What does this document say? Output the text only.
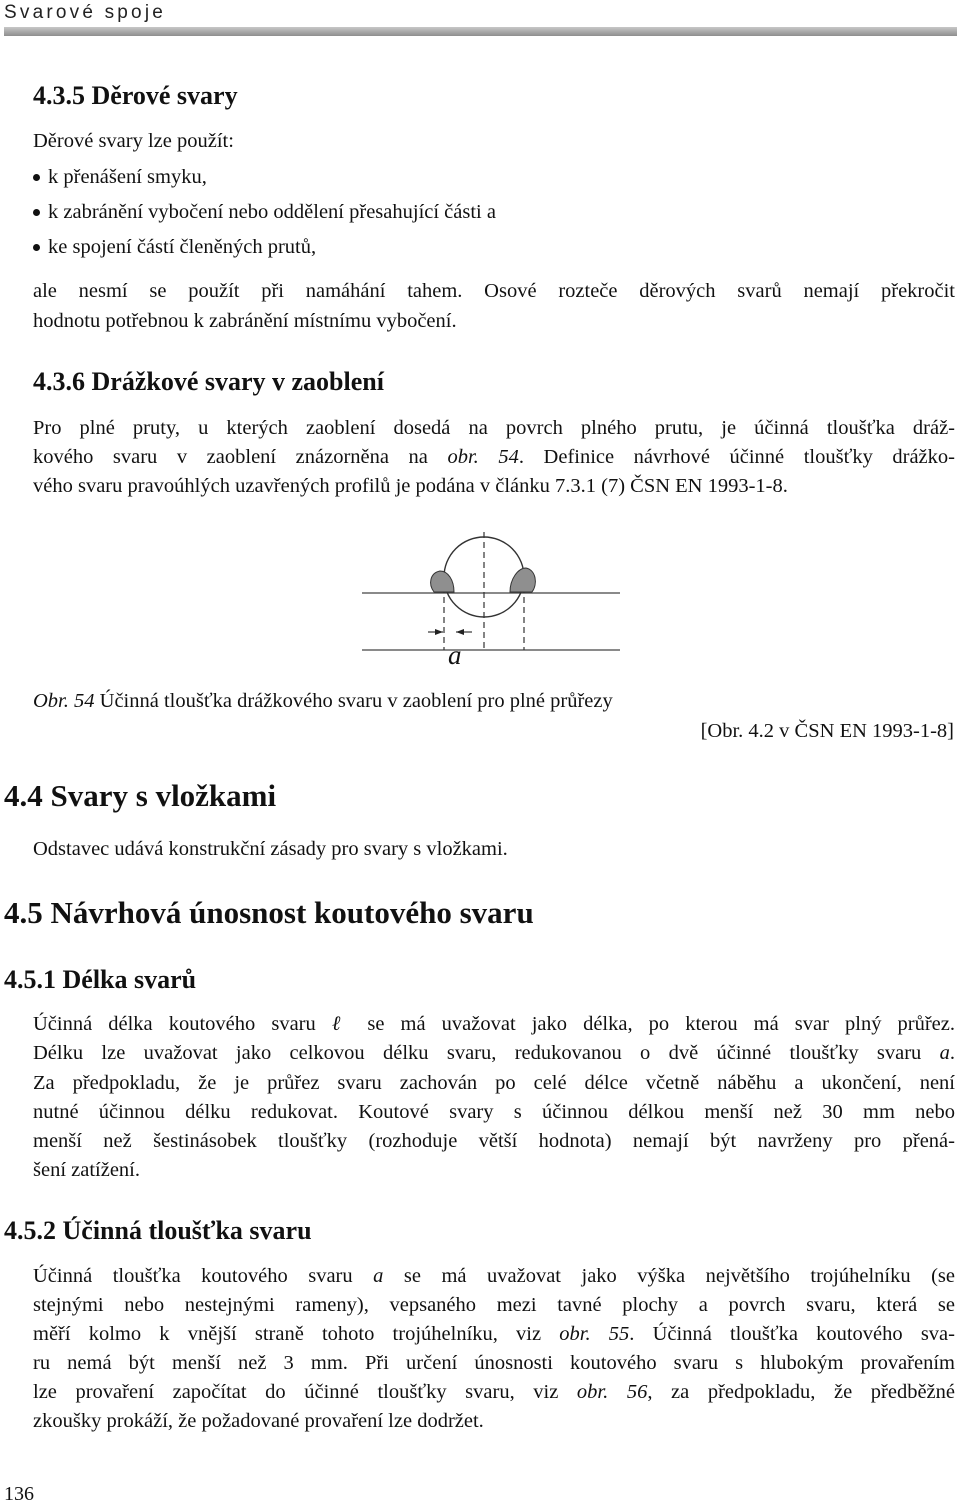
Svarové spoje
4.3.5 Děrové svary
Děrové svary lze použít:
k přenášení smyku,
k zabránění vybočení nebo oddělení přesahující části a
ke spojení částí členěných prutů,
ale nesmí se použít při namáhání tahem. Osové rozteče děrových svarů nemají překročit
hodnotu potřebnou k zabránění místnímu vybočení.
4.3.6 Drážkové svary v zaoblení
Pro plné pruty, u kterých zaoblení dosedá na povrch plného prutu, je účinná tloušťka dráž-
kového svaru v zaoblení znázorněna na obr. 54. Definice návrhové účinné tloušťky drážko-
vého svaru pravoúhlých uzavřených profilů je podána v článku 7.3.1 (7) ČSN EN 1993-1-8.
a
Obr. 54 Účinná tloušťka drážkového svaru v zaoblení pro plné průřezy
[Obr. 4.2 v ČSN EN 1993-1-8]
4.4 Svary s vložkami
Odstavec udává konstrukční zásady pro svary s vložkami.
4.5 Návrhová únosnost koutového svaru
4.5.1 Délka svarů
Účinná délka koutového svaru ℓ se má uvažovat jako délka, po kterou má svar plný průřez.
Délku lze uvažovat jako celkovou délku svaru, redukovanou o dvě účinné tloušťky svaru a.
Za předpokladu, že je průřez svaru zachován po celé délce včetně náběhu a ukončení, není
nutné účinnou délku redukovat. Koutové svary s účinnou délkou menší než 30 mm nebo
menší než šestinásobek tloušťky (rozhoduje větší hodnota) nemají být navrženy pro přená-
šení zatížení.
4.5.2 Účinná tloušťka svaru
Účinná tloušťka koutového svaru a se má uvažovat jako výška největšího trojúhelníku (se
stejnými nebo nestejnými rameny), vepsaného mezi tavné plochy a povrch svaru, která se
měří kolmo k vnější straně tohoto trojúhelníku, viz obr. 55. Účinná tloušťka koutového sva-
ru nemá být menší než 3 mm. Při určení únosnosti koutového svaru s hlubokým provařením
lze provaření započítat do účinné tloušťky svaru, viz obr. 56, za předpokladu, že předběžné
zkoušky prokáží, že požadované provaření lze dodržet.
136
